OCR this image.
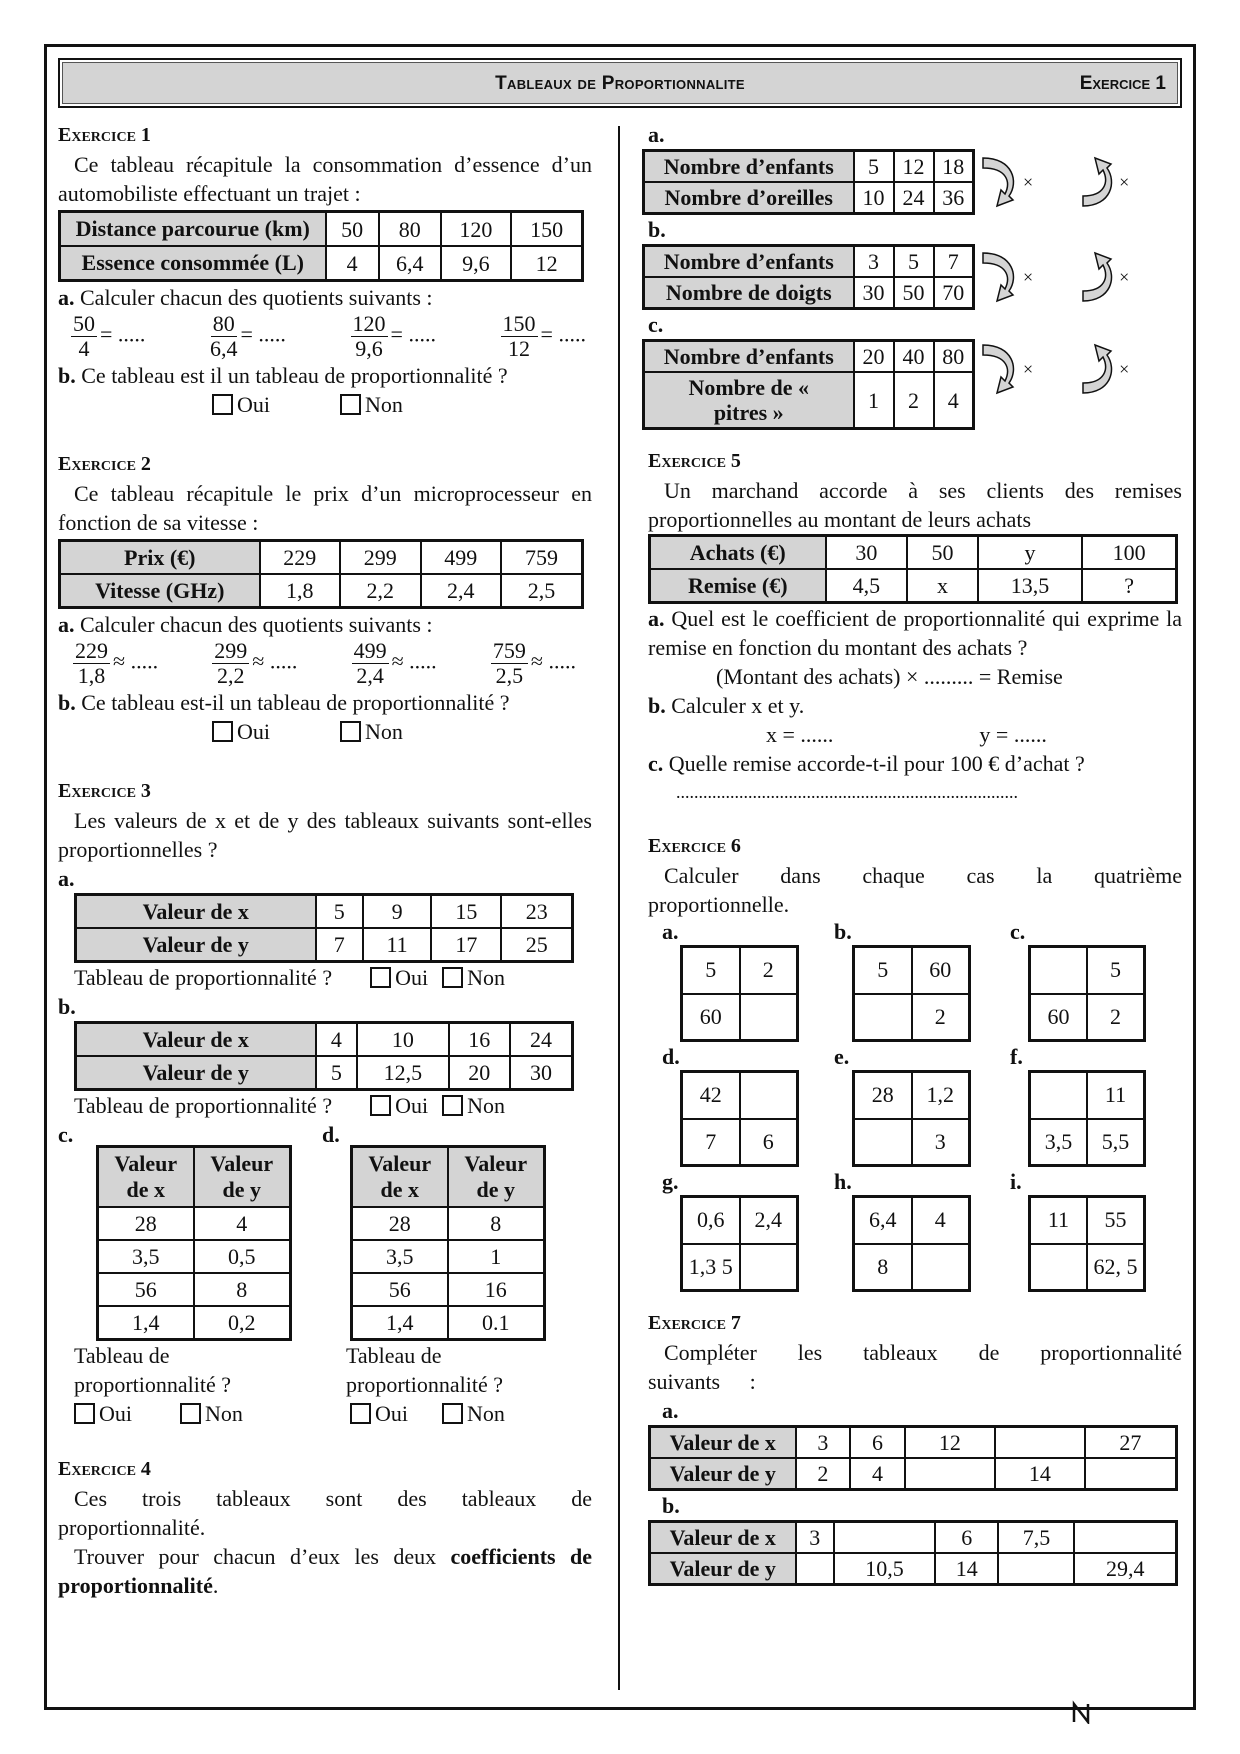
Tableaux de Proportionnalite	Exercice 1
Exercice 1

Ce tableau récapitule la consommation d’essence d’un automobiliste effectuant un trajet :

Distance parcourue (km)	50	80	120	150
Essence consommée (L)	4	6,4	9,6	12

a. Calculer chacun des quotients suivants :

$\frac{50}{4}$ = .....	$\frac{80}{6,4}$ = .....	$\frac{120}{9,6}$ = .....	$\frac{150}{12}$ = .....

b. Ce tableau est il un tableau de proportionnalité ?

Oui	Non

Exercice 2

Ce tableau récapitule le prix d’un microprocesseur en fonction de sa vitesse :

Prix (€)	229	299	499	759
Vitesse (GHz)	1,8	2,2	2,4	2,5

a. Calculer chacun des quotients suivants :

$\frac{229}{1,8}$ ≈ ..... $\frac{299}{2,2}$ ≈ ..... $\frac{499}{2,4}$ ≈ ..... $\frac{759}{2,5}$ ≈ .....

b. Ce tableau est-il un tableau de proportionnalité ?

Oui	Non

Exercice 3

Les valeurs de x et de y des tableaux suivants sont-elles proportionnelles ?

a.
Valeur de x	5	9	15	23
Valeur de y	7	11	17	25

Tableau de proportionnalité ?	Oui Non

b.
Valeur de x	4	10	16	24
Valeur de y	5	12,5	20	30

Tableau de proportionnalité ?	Oui Non

c.
Valeur de x	Valeur de y
28	4
3,5	0,5
56	8
1,4	0,2

Tableau de

proportionnalité ?

Oui	Non

d.
Valeur de x	Valeur de y
28	8
3,5	1
56	16
1,4	0.1

Tableau de

proportionnalité ?

Oui	Non

Exercice 4

Ces trois tableaux sont des tableaux de proportionnalité.

Trouver pour chacun d’eux les deux coefficients de proportionnalité.

a.
Nombre d’enfants	5	12	18
Nombre d’oreilles	10	24	36
×	×
b.
Nombre d’enfants	3	5	7
Nombre de doigts	30	50	70
×	×
c.
Nombre d’enfants	20	40	80
Nombre de « pitres »	1	2	4
×	×
Exercice 5

Un marchand accorde à ses clients des remises proportionnelles au montant de leurs achats

Achats (€)	30	50	y	100
Remise (€)	4,5	x	13,5	?

a. Quel est le coefficient de proportionnalité qui exprime la remise en fonction du montant des achats ?

(Montant des achats) × ......... = Remise

b. Calculer x et y.

x = ......	y = ......

c. Quelle remise accorde-t-il pour 100 € d’achat ?

............................................................................

Exercice 6

Calculer dans chaque cas la quatrième proportionnelle.

a.
5	2
60	
b.
5	60
	2
c.
	5
60	2
d.
42	
7	6
e.
28	1,2
	3
f.
	11
3,5	5,5
g.
0,6	2,4
1,3 5	
h.
6,4	4
8	
i.
11	55
	62, 5
Exercice 7

Compléter les tableaux de proportionnalité suivants :

a.
Valeur de x	3	6	12		27
Valeur de y	2	4		14	
b.
Valeur de x	3		6	7,5	
Valeur de y		10,5	14		29,4
